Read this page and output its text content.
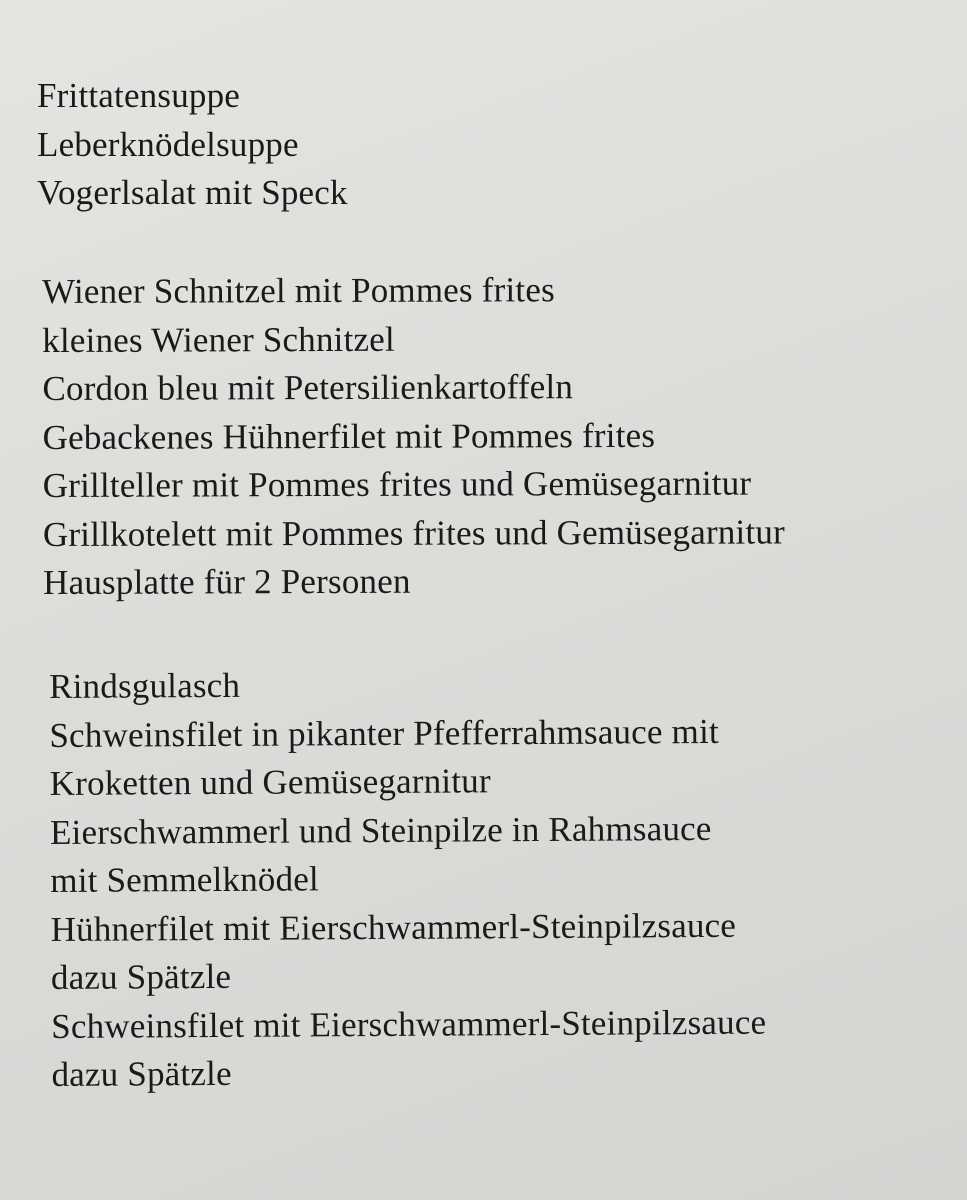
Frittatensuppe
Leberknödelsuppe
Vogerlsalat mit Speck
Wiener Schnitzel mit Pommes frites
kleines Wiener Schnitzel
Cordon bleu mit Petersilienkartoffeln
Gebackenes Hühnerfilet mit Pommes frites
Grillteller mit Pommes frites und Gemüsegarnitur
Grillkotelett mit Pommes frites und Gemüsegarnitur
Hausplatte für 2 Personen
Rindsgulasch
Schweinsfilet in pikanter Pfefferrahmsauce mit
Kroketten und Gemüsegarnitur
Eierschwammerl und Steinpilze in Rahmsauce
mit Semmelknödel
Hühnerfilet mit Eierschwammerl-Steinpilzsauce
dazu Spätzle
Schweinsfilet mit Eierschwammerl-Steinpilzsauce
dazu Spätzle
